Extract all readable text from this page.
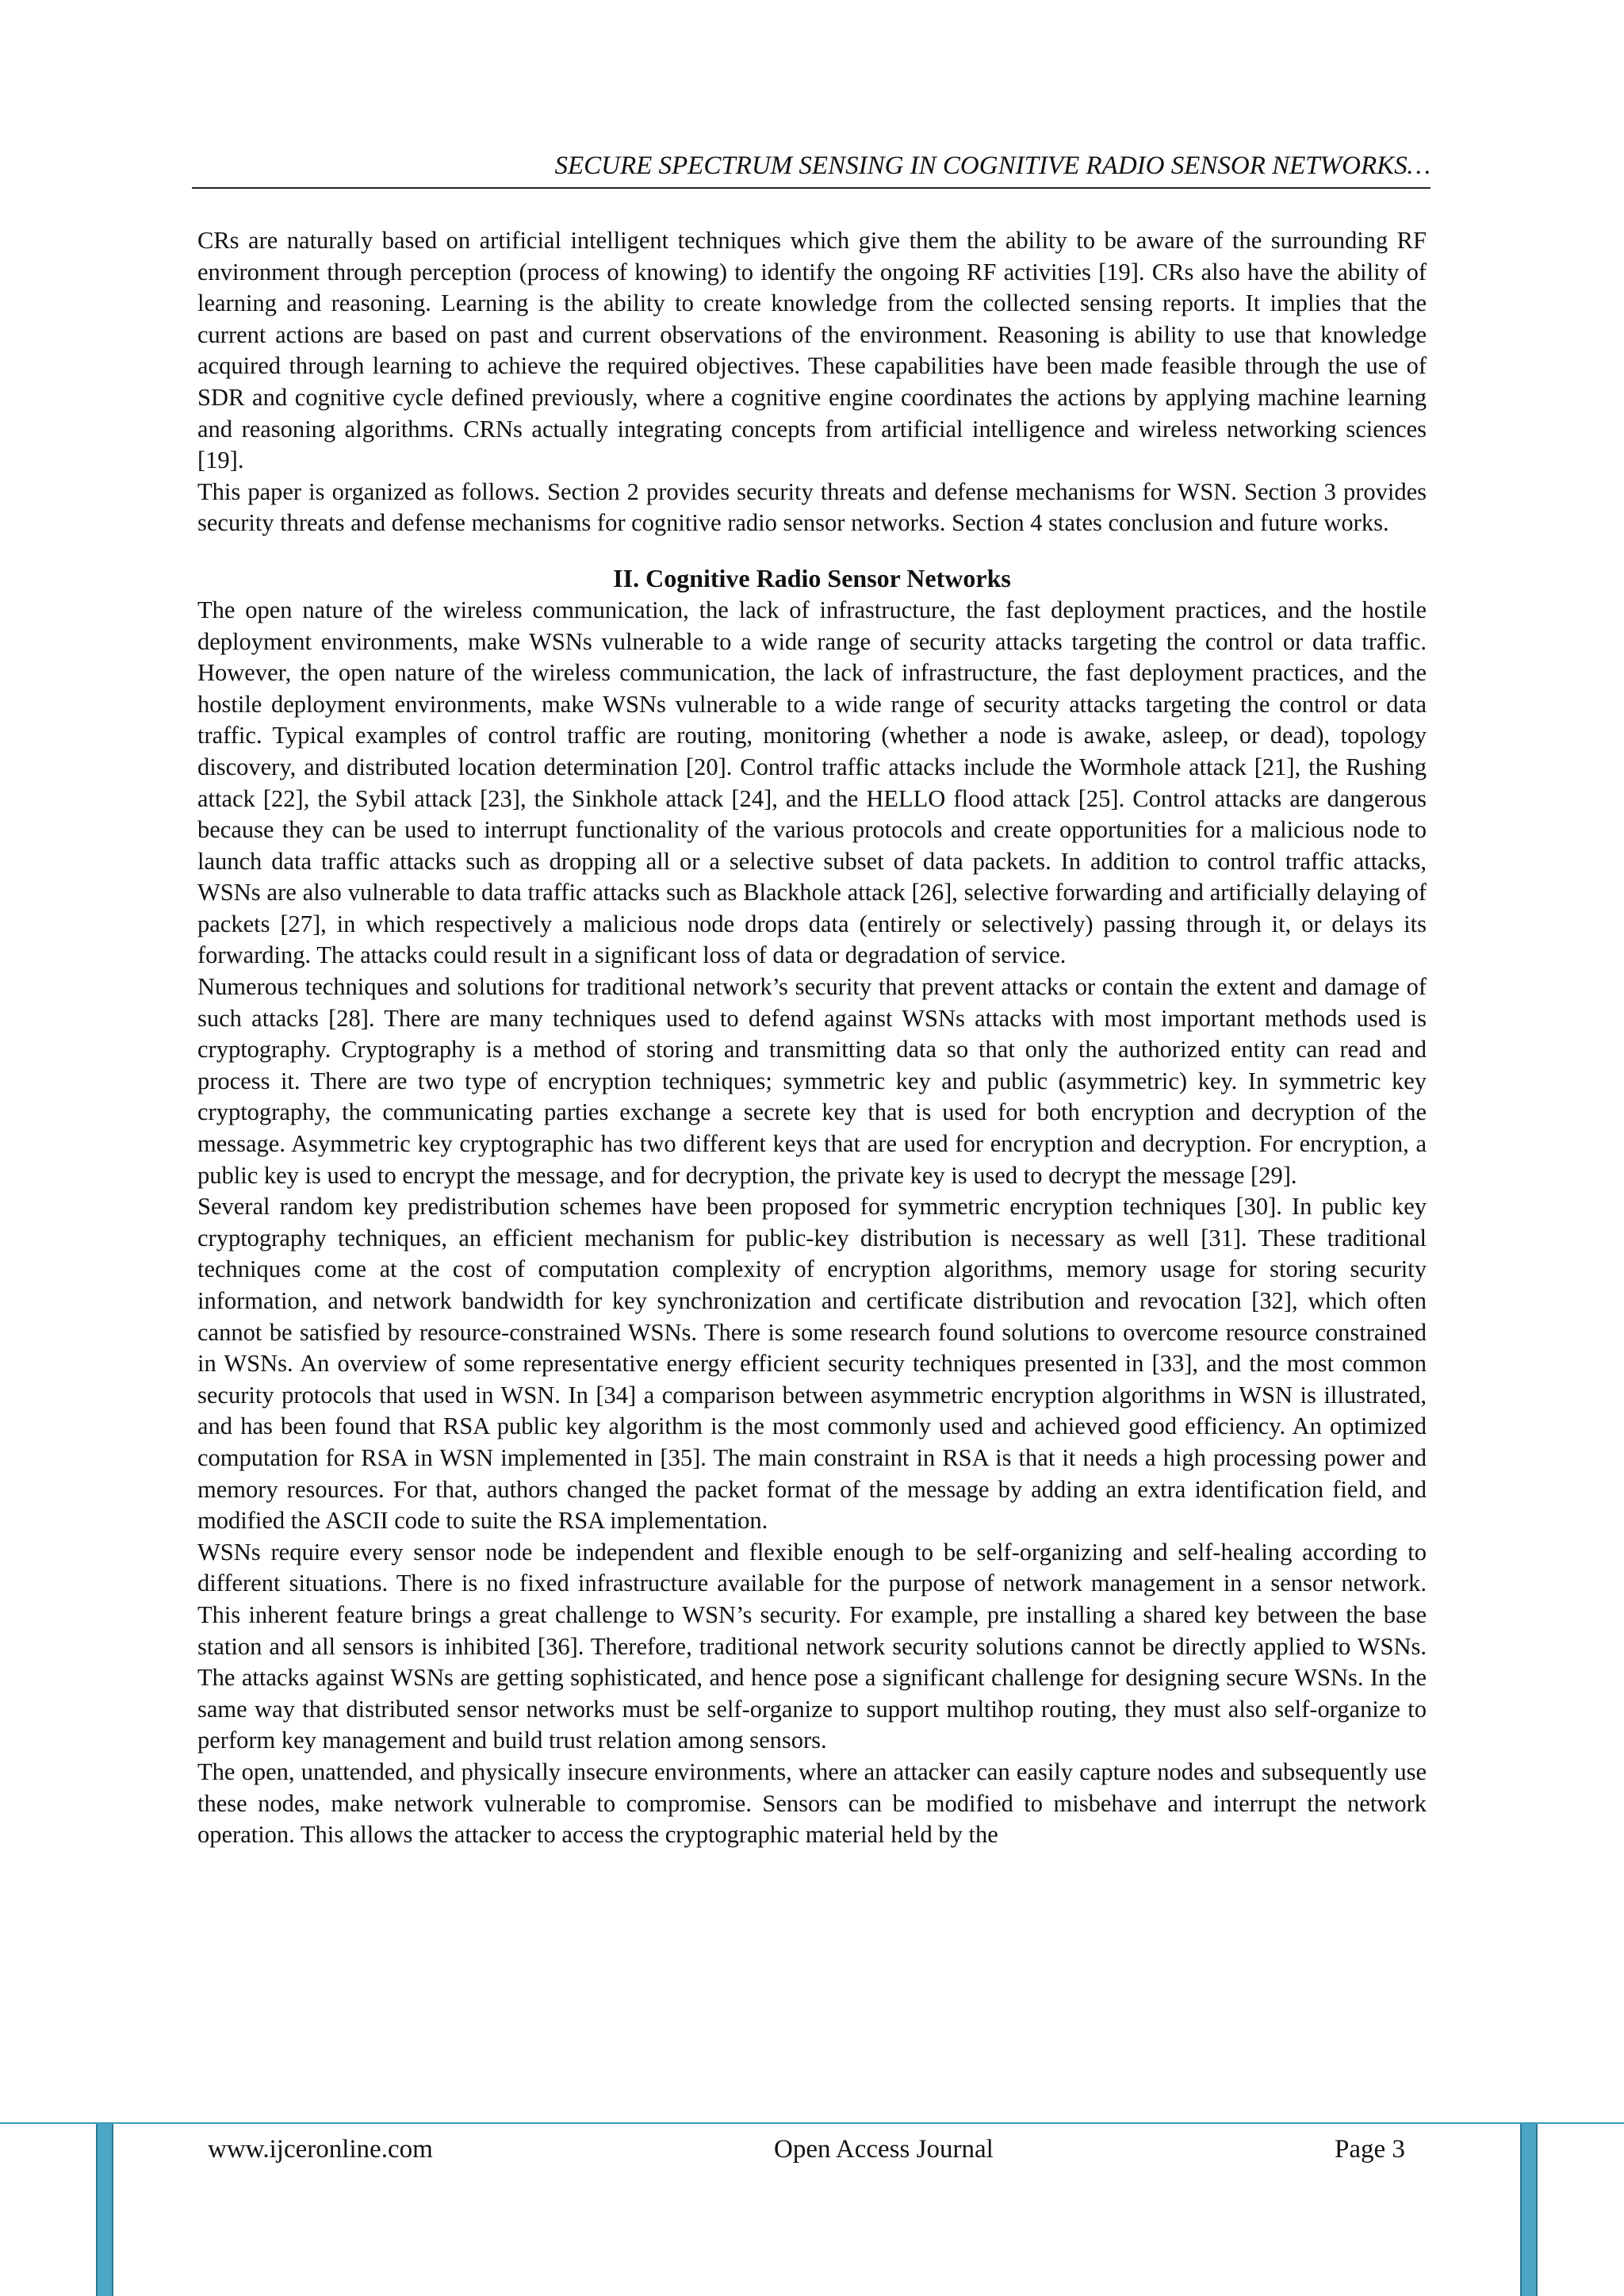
SECURE SPECTRUM SENSING IN COGNITIVE RADIO SENSOR NETWORKS…

CRs are naturally based on artificial intelligent techniques which give them the ability to be aware of the surrounding RF environment through perception (process of knowing) to identify the ongoing RF activities [19]. CRs also have the ability of learning and reasoning. Learning is the ability to create knowledge from the collected sensing reports. It implies that the current actions are based on past and current observations of the environment. Reasoning is ability to use that knowledge acquired through learning to achieve the required objectives. These capabilities have been made feasible through the use of SDR and cognitive cycle defined previously, where a cognitive engine coordinates the actions by applying machine learning and reasoning algorithms. CRNs actually integrating concepts from artificial intelligence and wireless networking sciences [19].

This paper is organized as follows. Section 2 provides security threats and defense mechanisms for WSN. Section 3 provides security threats and defense mechanisms for cognitive radio sensor networks. Section 4 states conclusion and future works.

II. Cognitive Radio Sensor Networks

The open nature of the wireless communication, the lack of infrastructure, the fast deployment practices, and the hostile deployment environments, make WSNs vulnerable to a wide range of security attacks targeting the control or data traffic. However, the open nature of the wireless communication, the lack of infrastructure, the fast deployment practices, and the hostile deployment environments, make WSNs vulnerable to a wide range of security attacks targeting the control or data traffic. Typical examples of control traffic are routing, monitoring (whether a node is awake, asleep, or dead), topology discovery, and distributed location determination [20]. Control traffic attacks include the Wormhole attack [21], the Rushing attack [22], the Sybil attack [23], the Sinkhole attack [24], and the HELLO flood attack [25]. Control attacks are dangerous because they can be used to interrupt functionality of the various protocols and create opportunities for a malicious node to launch data traffic attacks such as dropping all or a selective subset of data packets. In addition to control traffic attacks, WSNs are also vulnerable to data traffic attacks such as Blackhole attack [26], selective forwarding and artificially delaying of packets [27], in which respectively a malicious node drops data (entirely or selectively) passing through it, or delays its forwarding. The attacks could result in a significant loss of data or degradation of service.

Numerous techniques and solutions for traditional network’s security that prevent attacks or contain the extent and damage of such attacks [28]. There are many techniques used to defend against WSNs attacks with most important methods used is cryptography. Cryptography is a method of storing and transmitting data so that only the authorized entity can read and process it. There are two type of encryption techniques; symmetric key and public (asymmetric) key. In symmetric key cryptography, the communicating parties exchange a secrete key that is used for both encryption and decryption of the message. Asymmetric key cryptographic has two different keys that are used for encryption and decryption. For encryption, a public key is used to encrypt the message, and for decryption, the private key is used to decrypt the message [29].

Several random key predistribution schemes have been proposed for symmetric encryption techniques [30]. In public key cryptography techniques, an efficient mechanism for public-key distribution is necessary as well [31]. These traditional techniques come at the cost of computation complexity of encryption algorithms, memory usage for storing security information, and network bandwidth for key synchronization and certificate distribution and revocation [32], which often cannot be satisfied by resource-constrained WSNs. There is some research found solutions to overcome resource constrained in WSNs. An overview of some representative energy efficient security techniques presented in [33], and the most common security protocols that used in WSN. In [34] a comparison between asymmetric encryption algorithms in WSN is illustrated, and has been found that RSA public key algorithm is the most commonly used and achieved good efficiency. An optimized computation for RSA in WSN implemented in [35]. The main constraint in RSA is that it needs a high processing power and memory resources. For that, authors changed the packet format of the message by adding an extra identification field, and modified the ASCII code to suite the RSA implementation.

WSNs require every sensor node be independent and flexible enough to be self-organizing and self-healing according to different situations. There is no fixed infrastructure available for the purpose of network management in a sensor network. This inherent feature brings a great challenge to WSN’s security. For example, pre installing a shared key between the base station and all sensors is inhibited [36]. Therefore, traditional network security solutions cannot be directly applied to WSNs. The attacks against WSNs are getting sophisticated, and hence pose a significant challenge for designing secure WSNs. In the same way that distributed sensor networks must be self-organize to support multihop routing, they must also self-organize to perform key management and build trust relation among sensors.

The open, unattended, and physically insecure environments, where an attacker can easily capture nodes and subsequently use these nodes, make network vulnerable to compromise. Sensors can be modified to misbehave and interrupt the network operation. This allows the attacker to access the cryptographic material held by the

www.ijceronline.com	Open Access Journal	Page 3
